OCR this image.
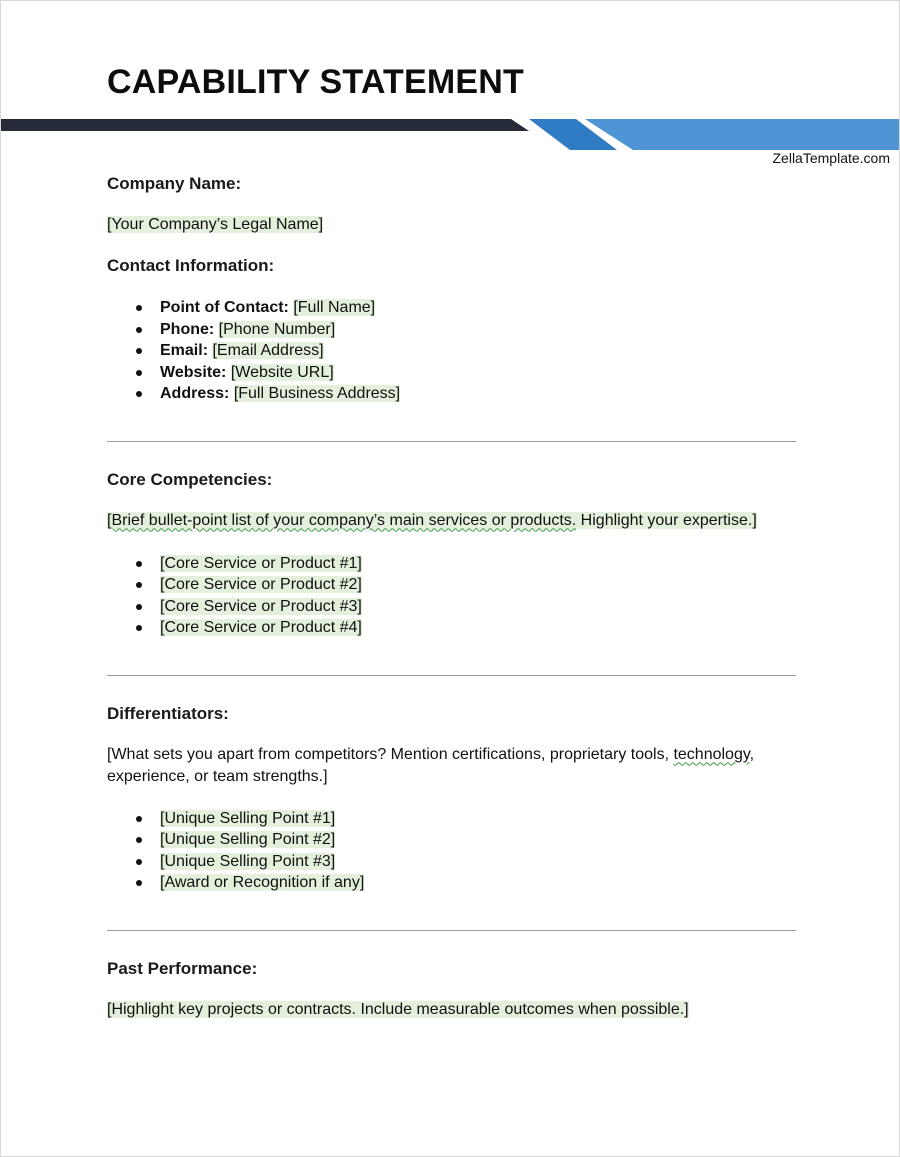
CAPABILITY STATEMENT
ZellaTemplate.com

Company Name:

[Your Company’s Legal Name]

Contact Information:

Point of Contact: [Full Name]
Phone: [Phone Number]
Email: [Email Address]
Website: [Website URL]
Address: [Full Business Address]

Core Competencies:

[Brief bullet-point list of your company’s main services or products. Highlight your expertise.]

[Core Service or Product #1]
[Core Service or Product #2]
[Core Service or Product #3]
[Core Service or Product #4]

Differentiators:

[What sets you apart from competitors? Mention certifications, proprietary tools, technology, experience, or team strengths.]

[Unique Selling Point #1]
[Unique Selling Point #2]
[Unique Selling Point #3]
[Award or Recognition if any]

Past Performance:

[Highlight key projects or contracts. Include measurable outcomes when possible.]
